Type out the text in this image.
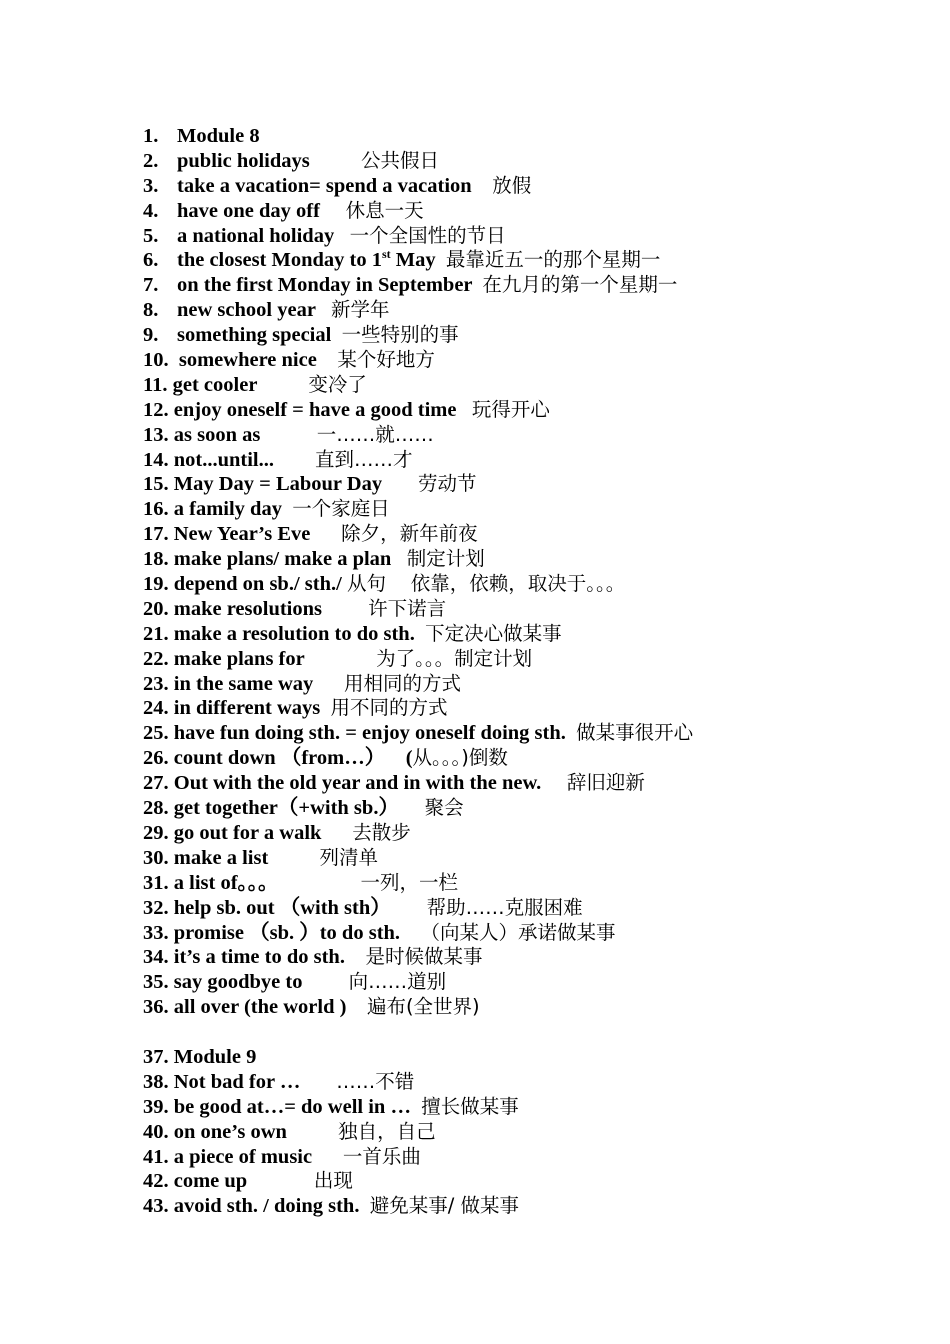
1. Module 8
2. public holidays	公共假日
3. take a vacation= spend a vacation 放假
4. have one day off 休息一天
5. a national holiday 一个全国性的节日
6. the closest Monday to 1st May 最靠近五一的那个星期一
7. on the first Monday in September 在九月的第一个星期一
8. new school year 新学年
9. something special 一些特别的事
10.  somewhere nice 某个好地方
11. get cooler	变冷了
12. enjoy oneself = have a good time 玩得开心
13. as soon as	一……就……
14. not...until... 直到……才
15. May Day = Labour Day 劳动节
16. a family day 一个家庭日
17. New Year’s Eve 除夕，新年前夜
18. make plans/ make a plan 制定计划
19. depend on sb./ sth./ 从句    依靠，依赖，取决于。。。
20. make resolutions 许下诺言
21. make a resolution to do sth. 下定决心做某事
22. make plans for	为了。。。制定计划
23. in the same way 用相同的方式
24. in different ways 用不同的方式
25. have fun doing sth. = enjoy oneself doing sth. 做某事很开心
26. count down （from…）    (从。。。)倒数
27. Out with the old year and in with the new. 辞旧迎新
28. get together（+with sb.） 聚会
29. go out for a walk 去散步
30. make a list	列清单
31. a list of。。。	一列，一栏
32. help sb. out （with sth） 帮助……克服困难
33. promise （sb. ）to do sth. （向某人）承诺做某事
34. it’s a time to do sth. 是时候做某事
35. say goodbye to 向……道别
36. all over (the world ) 遍布(全世界)
37. Module 9
38. Not bad for … ……不错
39. be good at…= do well in … 擅长做某事
40. on one’s own	独自，自己
41. a piece of music 一首乐曲
42. come up	出现
43. avoid sth. / doing sth. 避免某事/ 做某事
